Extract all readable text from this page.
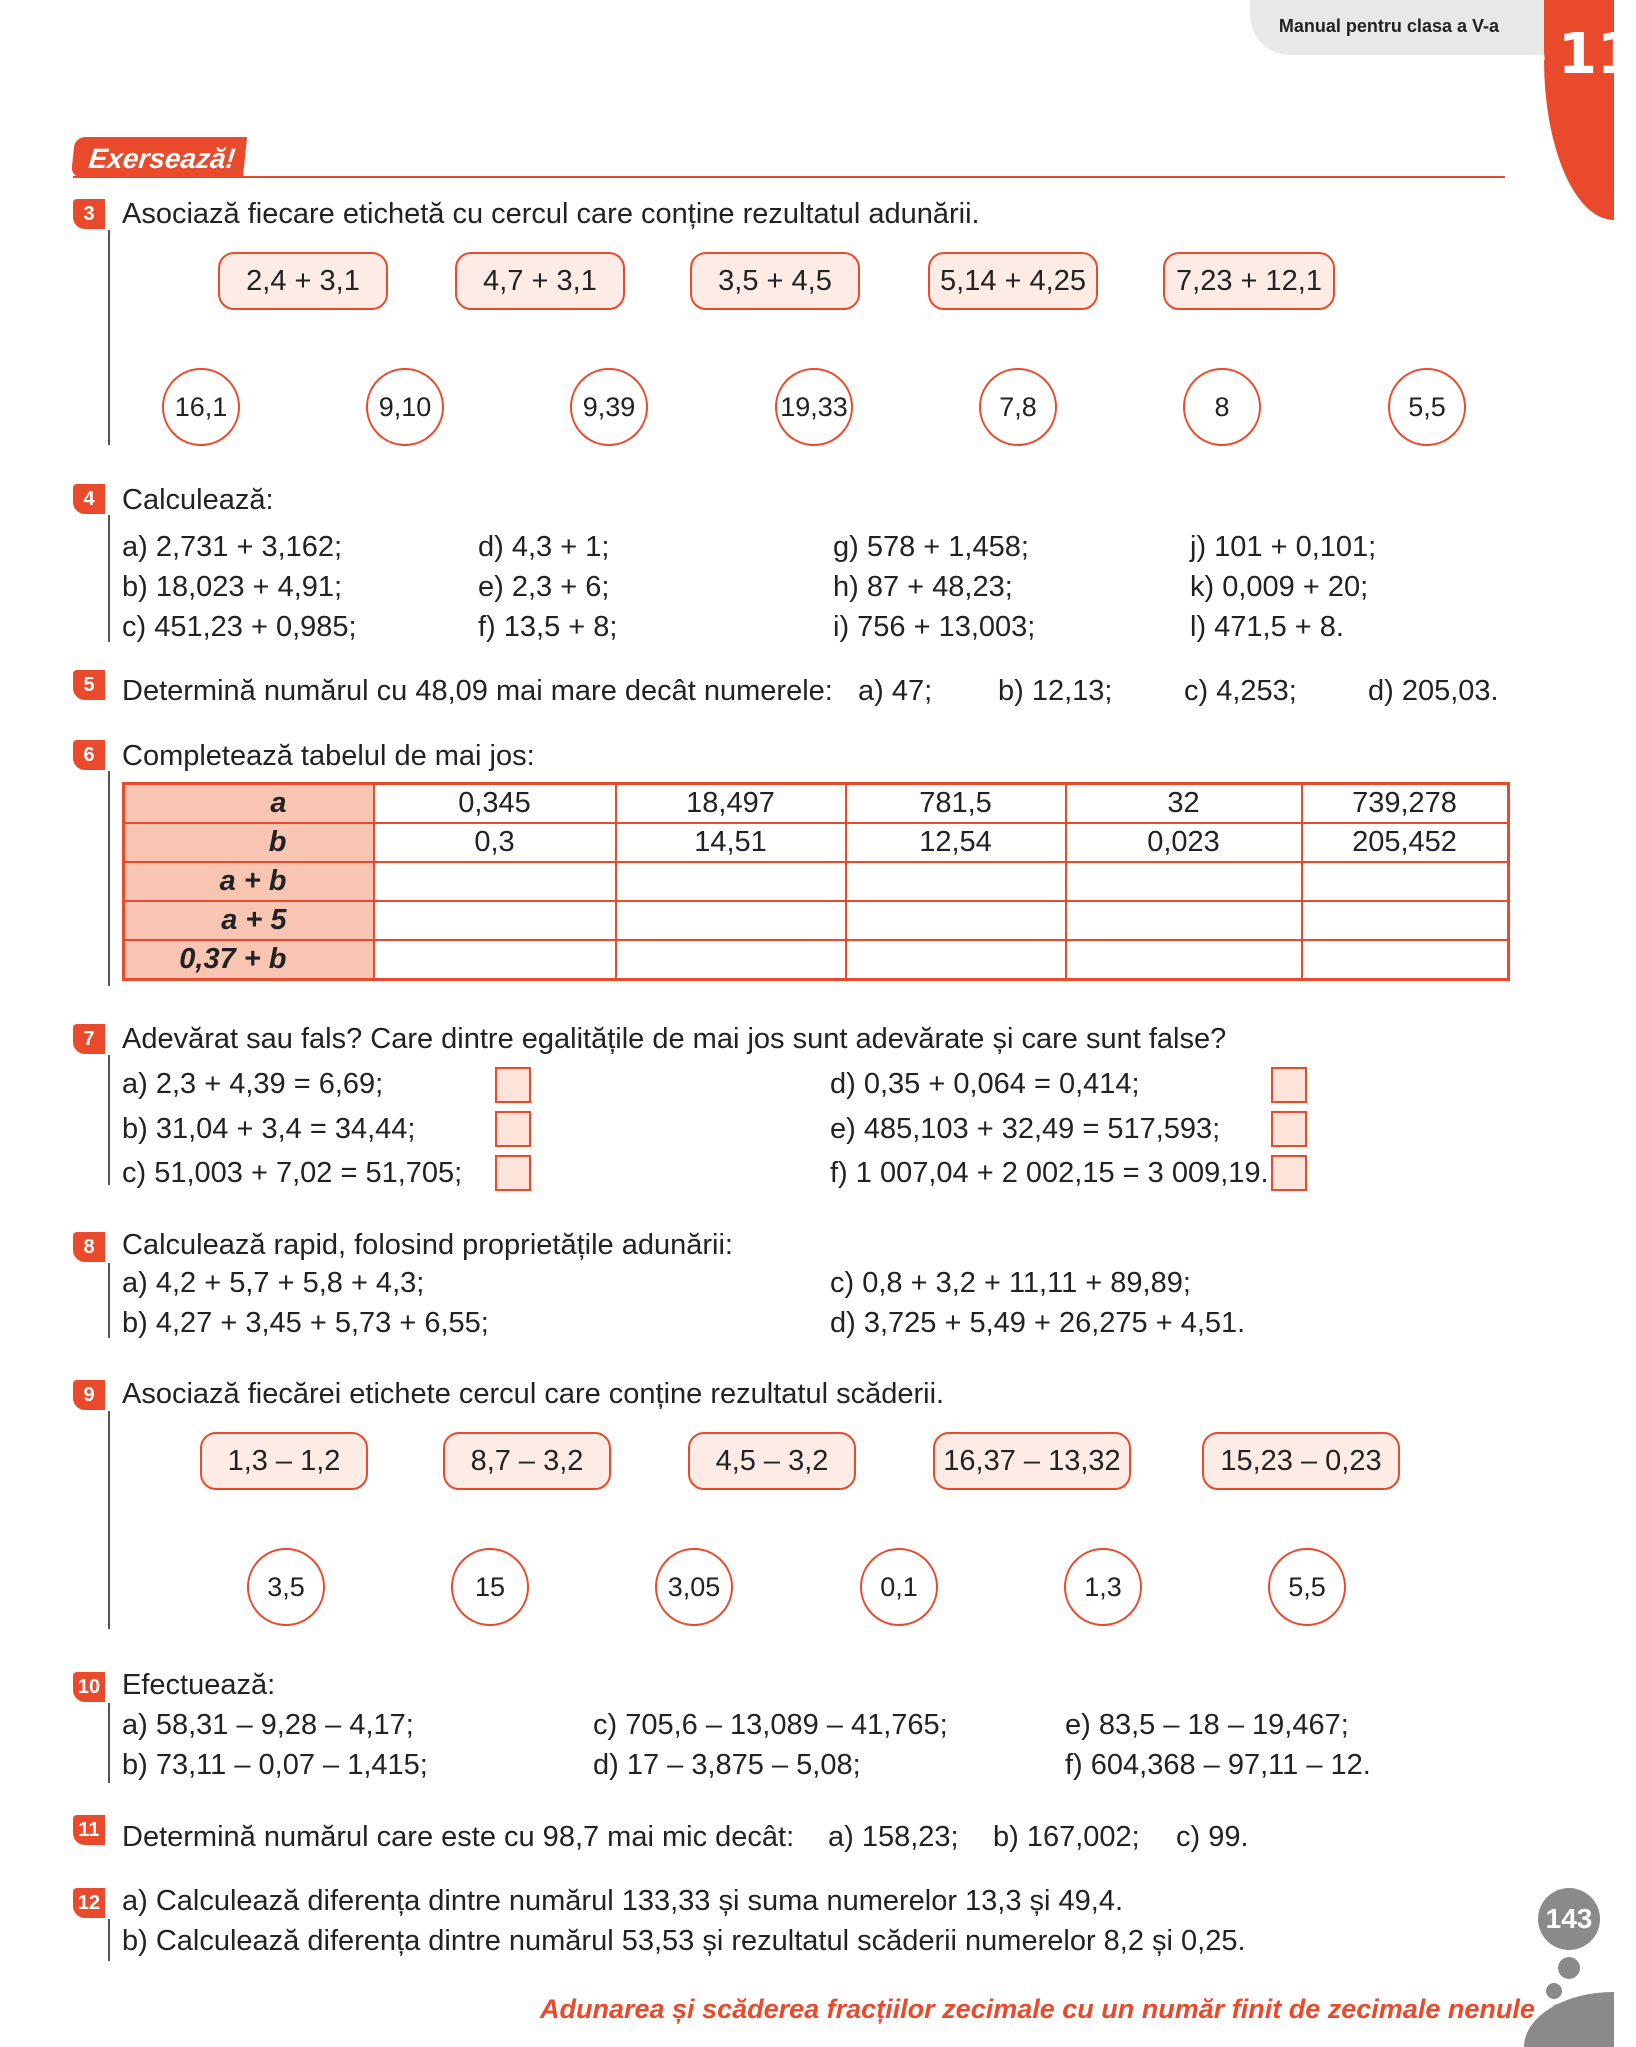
Manual pentru clasa a V-a 11
Exersează!
3 Asociază fiecare etichetă cu cercul care conține rezultatul adunării.
2,4 + 3,1	4,7 + 3,1	3,5 + 4,5	5,14 + 4,25	7,23 + 12,1
16,1	9,10	9,39	19,33	7,8	8	5,5
4 Calculează:
a) 2,731 + 3,162;
b) 18,023 + 4,91;
c) 451,23 + 0,985;
d) 4,3 + 1;
e) 2,3 + 6;
f) 13,5 + 8;
g) 578 + 1,458;
h) 87 + 48,23;
i) 756 + 13,003;
j) 101 + 0,101;
k) 0,009 + 20;
l) 471,5 + 8.
5 Determină numărul cu 48,09 mai mare decât numerele: a) 47; b) 12,13; c) 4,253; d) 205,03.
6 Completează tabelul de mai jos:
a	0,345	18,497	781,5	32	739,278
b	0,3	14,51	12,54	0,023	205,452
a + b					
a + 5					
0,37 + b					
7 Adevărat sau fals? Care dintre egalitățile de mai jos sunt adevărate și care sunt false?
a) 2,3 + 4,39 = 6,69;
b) 31,04 + 3,4 = 34,44;
c) 51,003 + 7,02 = 51,705;
d) 0,35 + 0,064 = 0,414;
e) 485,103 + 32,49 = 517,593;
f) 1 007,04 + 2 002,15 = 3 009,19.
8 Calculează rapid, folosind proprietățile adunării:
a) 4,2 + 5,7 + 5,8 + 4,3;
b) 4,27 + 3,45 + 5,73 + 6,55;
c) 0,8 + 3,2 + 11,11 + 89,89;
d) 3,725 + 5,49 + 26,275 + 4,51.
9 Asociază fiecărei etichete cercul care conține rezultatul scăderii.
1,3 – 1,2	8,7 – 3,2	4,5 – 3,2	16,37 – 13,32	15,23 – 0,23
3,5	15	3,05	0,1	1,3	5,5
10 Efectuează:
a) 58,31 – 9,28 – 4,17;
b) 73,11 – 0,07 – 1,415;
c) 705,6 – 13,089 – 41,765;
d) 17 – 3,875 – 5,08;
e) 83,5 – 18 – 19,467;
f) 604,368 – 97,11 – 12.
11 Determină numărul care este cu 98,7 mai mic decât: a) 158,23; b) 167,002; c) 99.
12 a) Calculează diferența dintre numărul 133,33 și suma numerelor 13,3 și 49,4.
b) Calculează diferența dintre numărul 53,53 și rezultatul scăderii numerelor 8,2 și 0,25.
143
Adunarea și scăderea fracțiilor zecimale cu un număr finit de zecimale nenule
